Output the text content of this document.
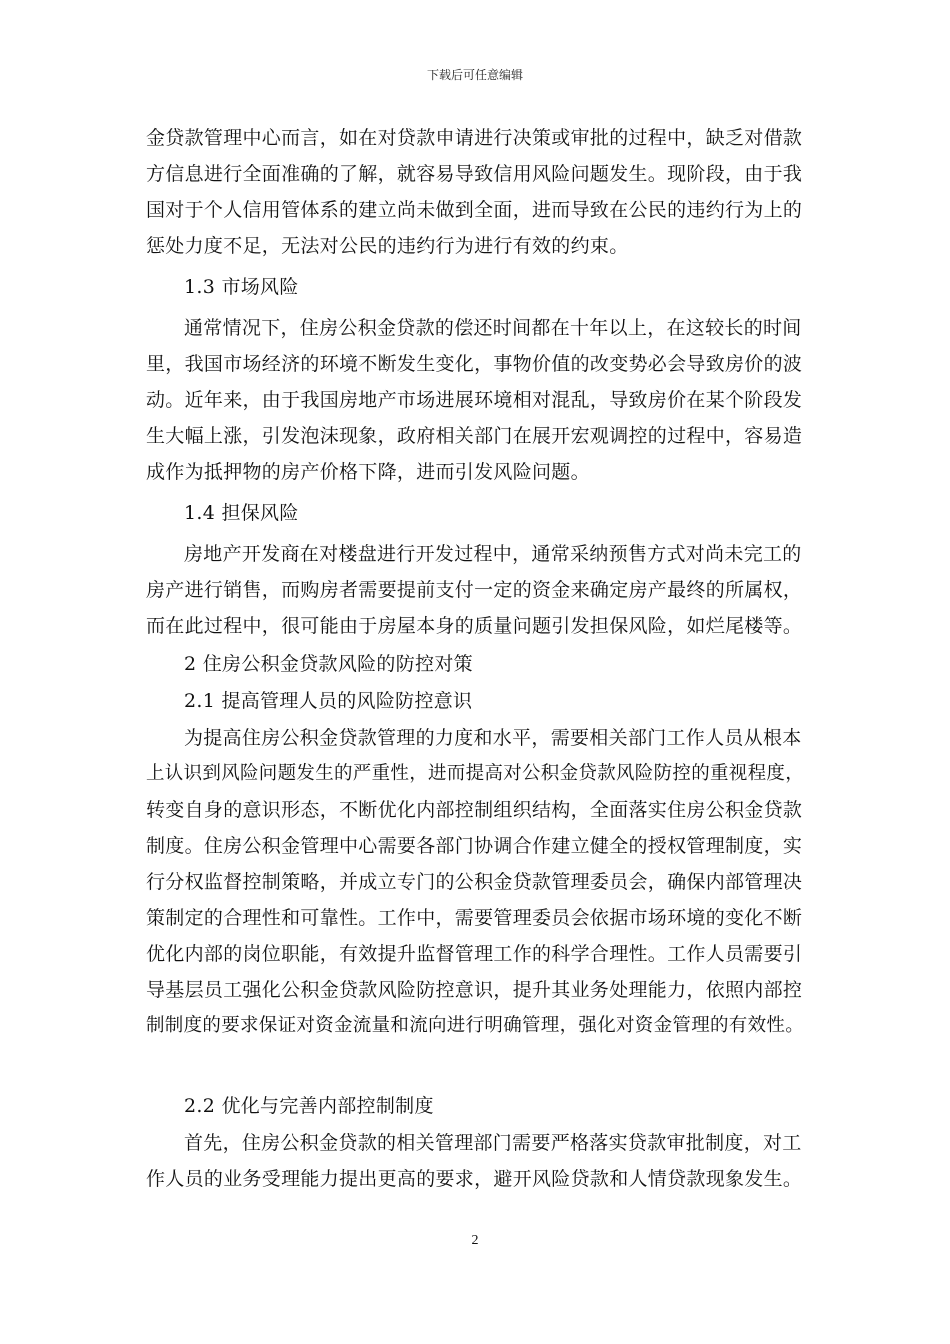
下载后可任意编辑
金贷款管理中心而言，如在对贷款申请进行决策或审批的过程中，缺乏对借款
方信息进行全面准确的了解，就容易导致信用风险问题发生。现阶段，由于我
国对于个人信用管体系的建立尚未做到全面，进而导致在公民的违约行为上的
惩处力度不足，无法对公民的违约行为进行有效的约束。
1.3 市场风险
通常情况下，住房公积金贷款的偿还时间都在十年以上，在这较长的时间
里，我国市场经济的环境不断发生变化，事物价值的改变势必会导致房价的波
动。近年来，由于我国房地产市场进展环境相对混乱，导致房价在某个阶段发
生大幅上涨，引发泡沫现象，政府相关部门在展开宏观调控的过程中，容易造
成作为抵押物的房产价格下降，进而引发风险问题。
1.4 担保风险
房地产开发商在对楼盘进行开发过程中，通常采纳预售方式对尚未完工的
房产进行销售，而购房者需要提前支付一定的资金来确定房产最终的所属权，
而在此过程中，很可能由于房屋本身的质量问题引发担保风险，如烂尾楼等。
2 住房公积金贷款风险的防控对策
2.1 提高管理人员的风险防控意识
为提高住房公积金贷款管理的力度和水平，需要相关部门工作人员从根本
上认识到风险问题发生的严重性，进而提高对公积金贷款风险防控的重视程度，
转变自身的意识形态，不断优化内部控制组织结构，全面落实住房公积金贷款
制度。住房公积金管理中心需要各部门协调合作建立健全的授权管理制度，实
行分权监督控制策略，并成立专门的公积金贷款管理委员会，确保内部管理决
策制定的合理性和可靠性。工作中，需要管理委员会依据市场环境的变化不断
优化内部的岗位职能，有效提升监督管理工作的科学合理性。工作人员需要引
导基层员工强化公积金贷款风险防控意识，提升其业务处理能力，依照内部控
制制度的要求保证对资金流量和流向进行明确管理，强化对资金管理的有效性。
2.2 优化与完善内部控制制度
首先，住房公积金贷款的相关管理部门需要严格落实贷款审批制度，对工
作人员的业务受理能力提出更高的要求，避开风险贷款和人情贷款现象发生。
2
